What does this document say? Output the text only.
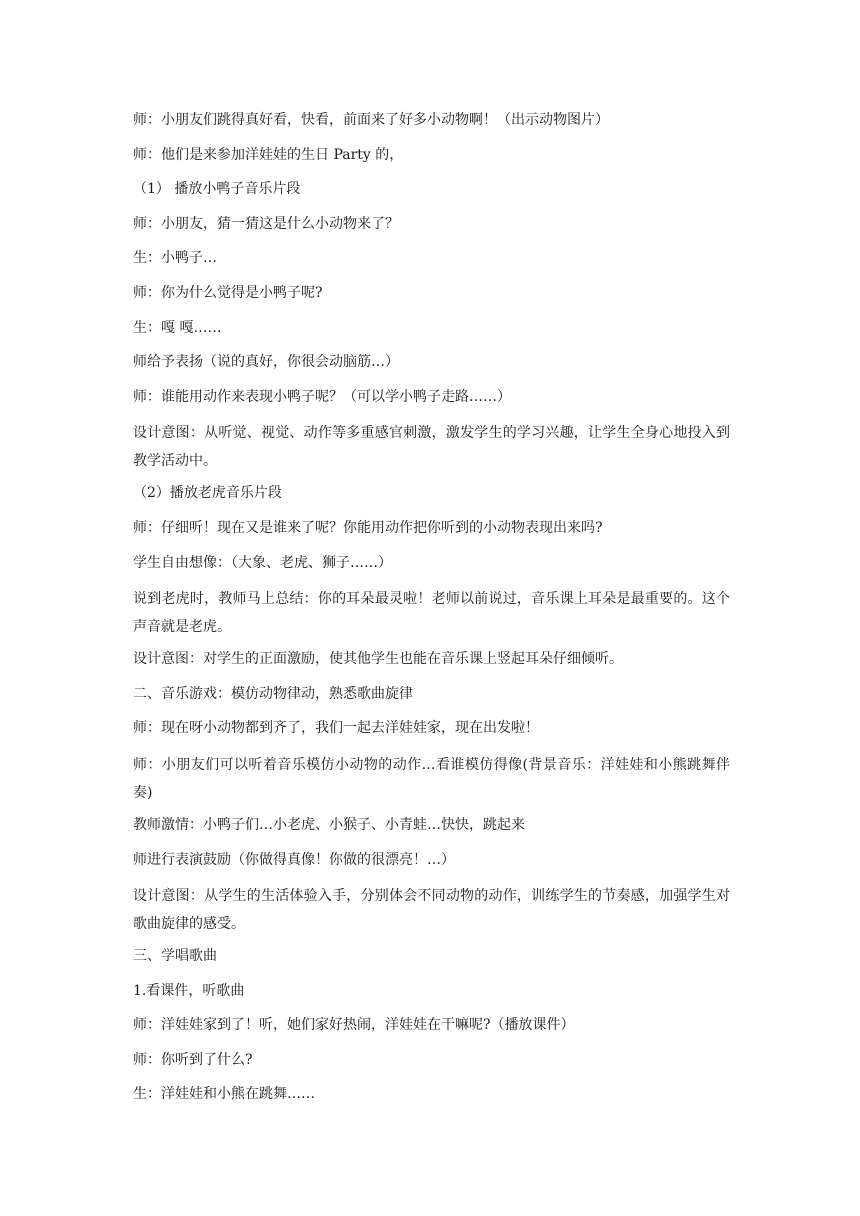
师：小朋友们跳得真好看，快看，前面来了好多小动物啊！（出示动物图片）

师：他们是来参加洋娃娃的生日 Party 的，

（1） 播放小鸭子音乐片段

师：小朋友，猜一猜这是什么小动物来了？

生：小鸭子…

师：你为什么觉得是小鸭子呢?

生：嘎 嘎……

师给予表扬（说的真好，你很会动脑筋…）

师：谁能用动作来表现小鸭子呢？（可以学小鸭子走路……）

设计意图：从听觉、视觉、动作等多重感官刺激，激发学生的学习兴趣，让学生全身心地投入到教学活动中。

（2）播放老虎音乐片段

师：仔细听！现在又是谁来了呢？你能用动作把你听到的小动物表现出来吗?

学生自由想像：（大象、老虎、狮子……）

说到老虎时，教师马上总结：你的耳朵最灵啦！老师以前说过，音乐课上耳朵是最重要的。这个声音就是老虎。

设计意图：对学生的正面激励，使其他学生也能在音乐课上竖起耳朵仔细倾听。

二、音乐游戏：模仿动物律动，熟悉歌曲旋律

师：现在呀小动物都到齐了，我们一起去洋娃娃家，现在出发啦！

师：小朋友们可以听着音乐模仿小动物的动作…看谁模仿得像(背景音乐：洋娃娃和小熊跳舞伴奏)

教师激情：小鸭子们…小老虎、小猴子、小青蛙…快快，跳起来

师进行表演鼓励（你做得真像！你做的很漂亮！…）

设计意图：从学生的生活体验入手，分别体会不同动物的动作，训练学生的节奏感，加强学生对歌曲旋律的感受。

三、学唱歌曲

1.看课件，听歌曲

师：洋娃娃家到了！听，她们家好热闹，洋娃娃在干嘛呢?（播放课件）

师：你听到了什么?

生：洋娃娃和小熊在跳舞……
